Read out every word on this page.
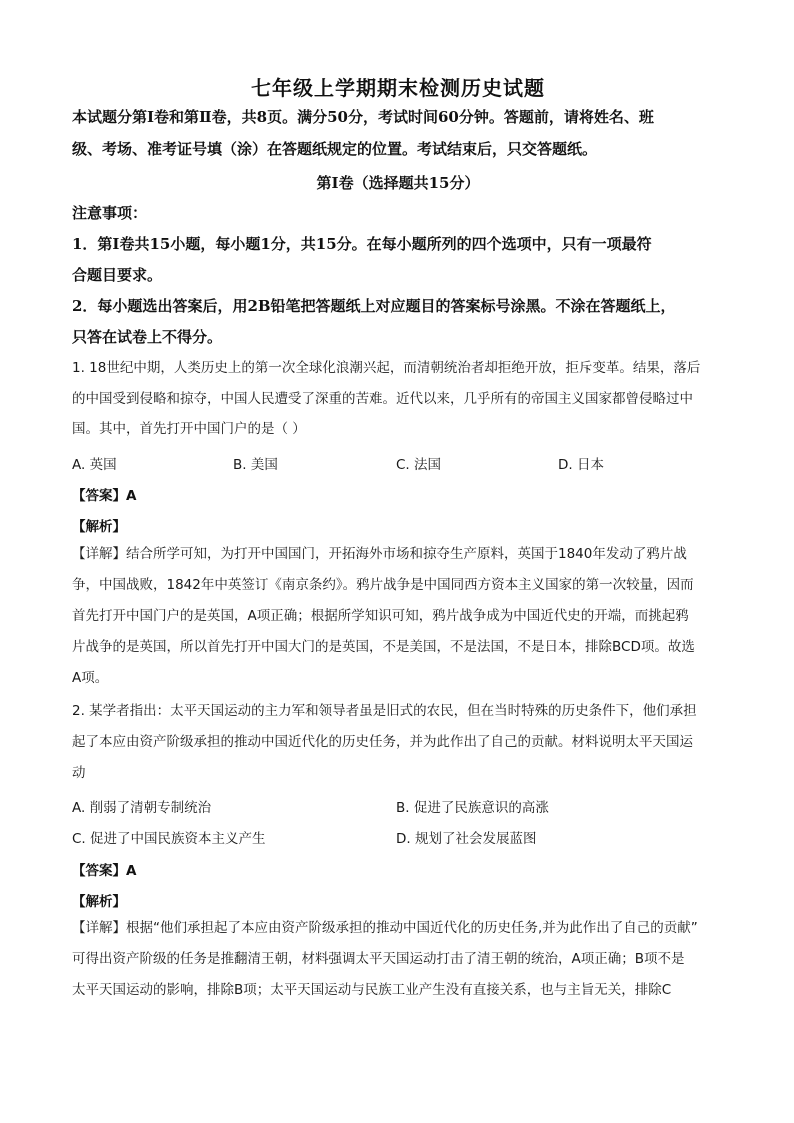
七年级上学期期末检测历史试题
本试题分第Ⅰ卷和第Ⅱ卷，共8页。满分50分，考试时间60分钟。答题前，请将姓名、班
级、考场、准考证号填（涂）在答题纸规定的位置。考试结束后，只交答题纸。
第Ⅰ卷（选择题共15分）
注意事项：
1．第Ⅰ卷共15小题，每小题1分，共15分。在每小题所列的四个选项中，只有一项最符
合题目要求。
2．每小题选出答案后，用2B铅笔把答题纸上对应题目的答案标号涂黑。不涂在答题纸上，
只答在试卷上不得分。
1. 18世纪中期，人类历史上的第一次全球化浪潮兴起，而清朝统治者却拒绝开放，拒斥变革。结果，落后
的中国受到侵略和掠夺，中国人民遭受了深重的苦难。近代以来，几乎所有的帝国主义国家都曾侵略过中
国。其中，首先打开中国门户的是（ ）
A. 英国	B. 美国	C. 法国	D. 日本
【答案】A
【解析】
【详解】结合所学可知，为打开中国国门，开拓海外市场和掠夺生产原料，英国于1840年发动了鸦片战
争，中国战败，1842年中英签订《南京条约》。鸦片战争是中国同西方资本主义国家的第一次较量，因而
首先打开中国门户的是英国，A项正确；根据所学知识可知，鸦片战争成为中国近代史的开端，而挑起鸦
片战争的是英国，所以首先打开中国大门的是英国，不是美国，不是法国，不是日本，排除BCD项。故选
A项。
2. 某学者指出：太平天国运动的主力军和领导者虽是旧式的农民，但在当时特殊的历史条件下，他们承担
起了本应由资产阶级承担的推动中国近代化的历史任务，并为此作出了自己的贡献。材料说明太平天国运
动
A. 削弱了清朝专制统治	B. 促进了民族意识的高涨
C. 促进了中国民族资本主义产生	D. 规划了社会发展蓝图
【答案】A
【解析】
【详解】根据“他们承担起了本应由资产阶级承担的推动中国近代化的历史任务,并为此作出了自己的贡献”
可得出资产阶级的任务是推翻清王朝，材料强调太平天国运动打击了清王朝的统治，A项正确；B项不是
太平天国运动的影响，排除B项；太平天国运动与民族工业产生没有直接关系，也与主旨无关，排除C
